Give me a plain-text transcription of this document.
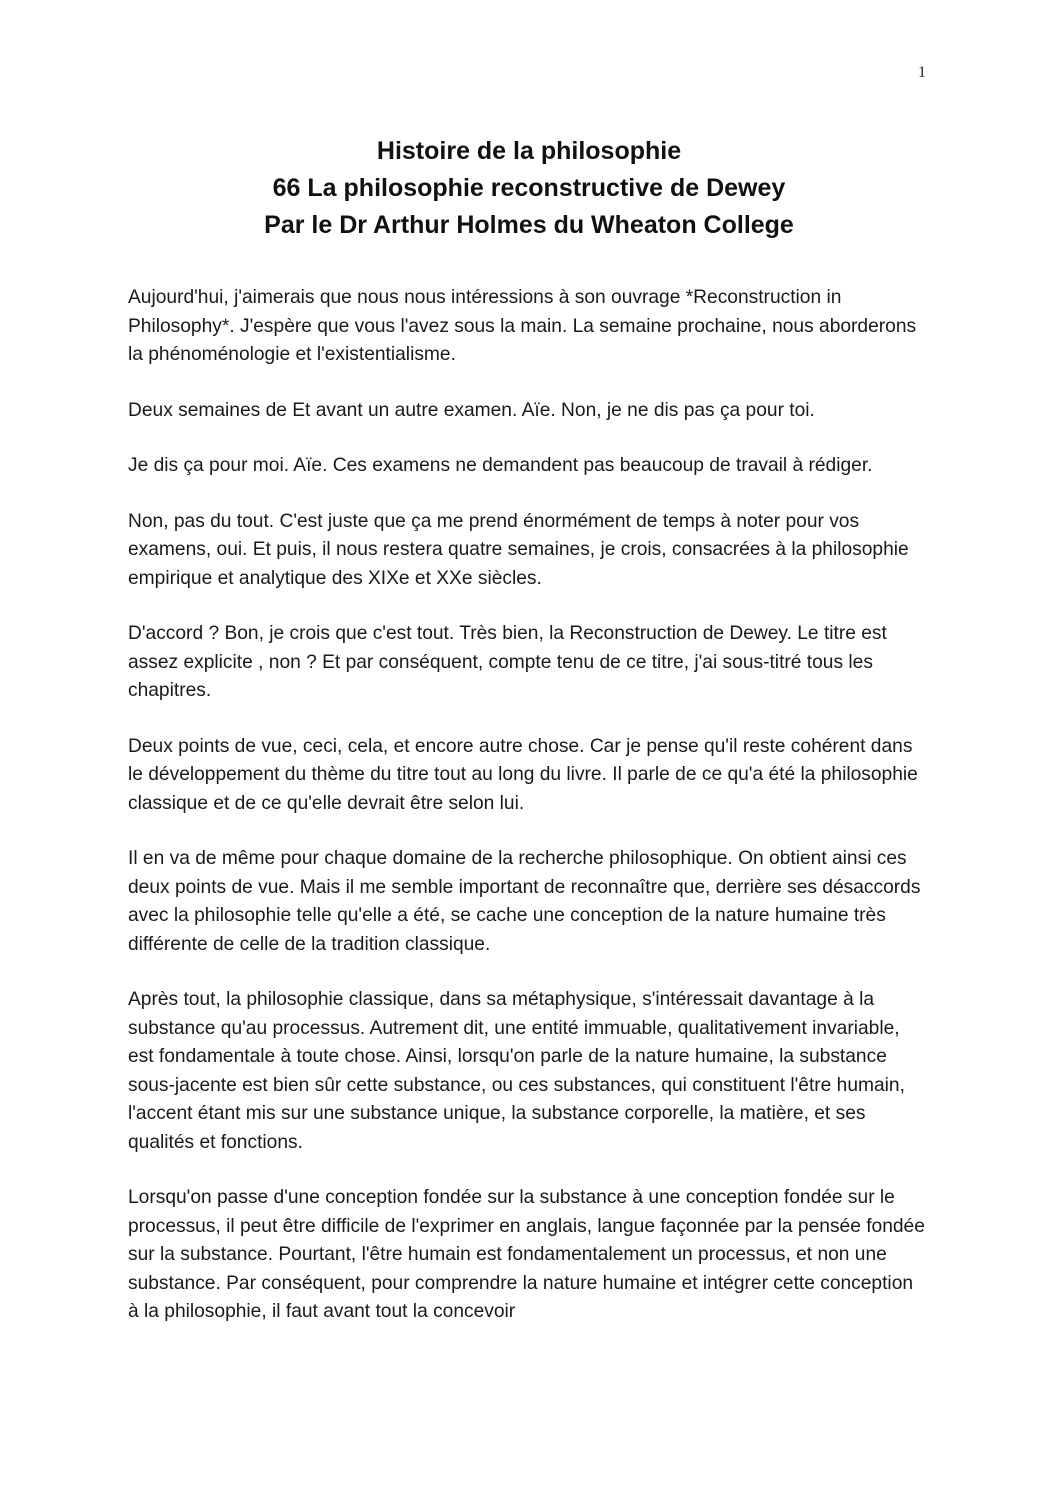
1
Histoire de la philosophie
66 La philosophie reconstructive de Dewey
Par le Dr Arthur Holmes du Wheaton College

Aujourd'hui, j'aimerais que nous nous intéressions à son ouvrage *Reconstruction in Philosophy*. J'espère que vous l'avez sous la main. La semaine prochaine, nous aborderons la phénoménologie et l'existentialisme.

Deux semaines de Et avant un autre examen. Aïe. Non, je ne dis pas ça pour toi.

Je dis ça pour moi. Aïe. Ces examens ne demandent pas beaucoup de travail à rédiger.

Non, pas du tout. C'est juste que ça me prend énormément de temps à noter pour vos examens, oui. Et puis, il nous restera quatre semaines, je crois, consacrées à la philosophie empirique et analytique des XIXe et XXe siècles.

D'accord ? Bon, je crois que c'est tout. Très bien, la Reconstruction de Dewey. Le titre est assez explicite , non ? Et par conséquent, compte tenu de ce titre, j'ai sous-titré tous les chapitres.

Deux points de vue, ceci, cela, et encore autre chose. Car je pense qu'il reste cohérent dans le développement du thème du titre tout au long du livre. Il parle de ce qu'a été la philosophie classique et de ce qu'elle devrait être selon lui.

Il en va de même pour chaque domaine de la recherche philosophique. On obtient ainsi ces deux points de vue. Mais il me semble important de reconnaître que, derrière ses désaccords avec la philosophie telle qu'elle a été, se cache une conception de la nature humaine très différente de celle de la tradition classique.

Après tout, la philosophie classique, dans sa métaphysique, s'intéressait davantage à la substance qu'au processus. Autrement dit, une entité immuable, qualitativement invariable, est fondamentale à toute chose. Ainsi, lorsqu'on parle de la nature humaine, la substance sous-jacente est bien sûr cette substance, ou ces substances, qui constituent l'être humain, l'accent étant mis sur une substance unique, la substance corporelle, la matière, et ses qualités et fonctions.

Lorsqu'on passe d'une conception fondée sur la substance à une conception fondée sur le processus, il peut être difficile de l'exprimer en anglais, langue façonnée par la pensée fondée sur la substance. Pourtant, l'être humain est fondamentalement un processus, et non une substance. Par conséquent, pour comprendre la nature humaine et intégrer cette conception à la philosophie, il faut avant tout la concevoir
